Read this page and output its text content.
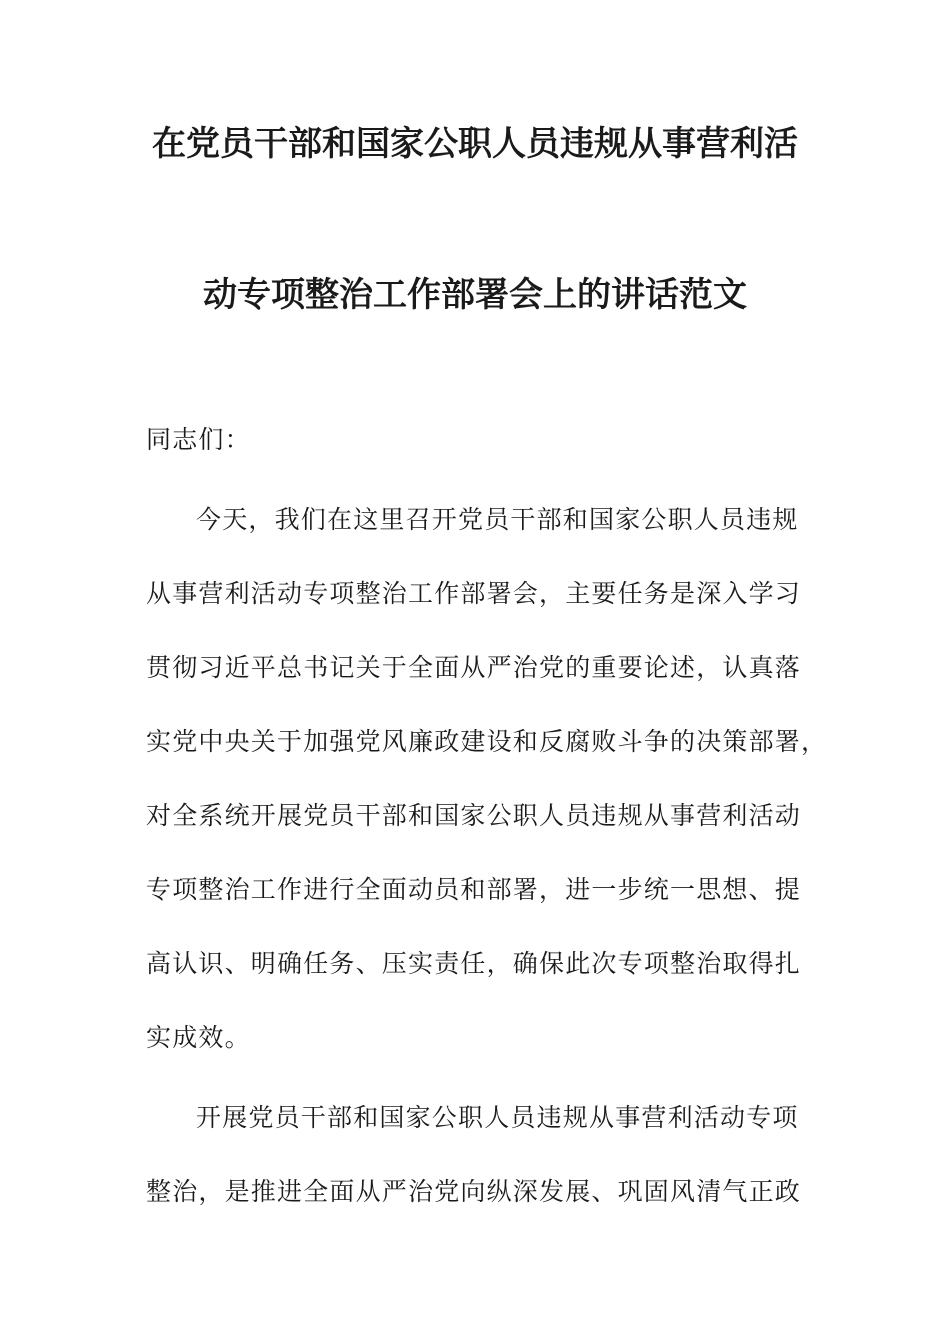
在党员干部和国家公职人员违规从事营利活
动专项整治工作部署会上的讲话范文
同志们：
今天，我们在这里召开党员干部和国家公职人员违规
从事营利活动专项整治工作部署会，主要任务是深入学习
贯彻习近平总书记关于全面从严治党的重要论述，认真落
实党中央关于加强党风廉政建设和反腐败斗争的决策部署，
对全系统开展党员干部和国家公职人员违规从事营利活动
专项整治工作进行全面动员和部署，进一步统一思想、提
高认识、明确任务、压实责任，确保此次专项整治取得扎
实成效。
开展党员干部和国家公职人员违规从事营利活动专项
整治，是推进全面从严治党向纵深发展、巩固风清气正政
